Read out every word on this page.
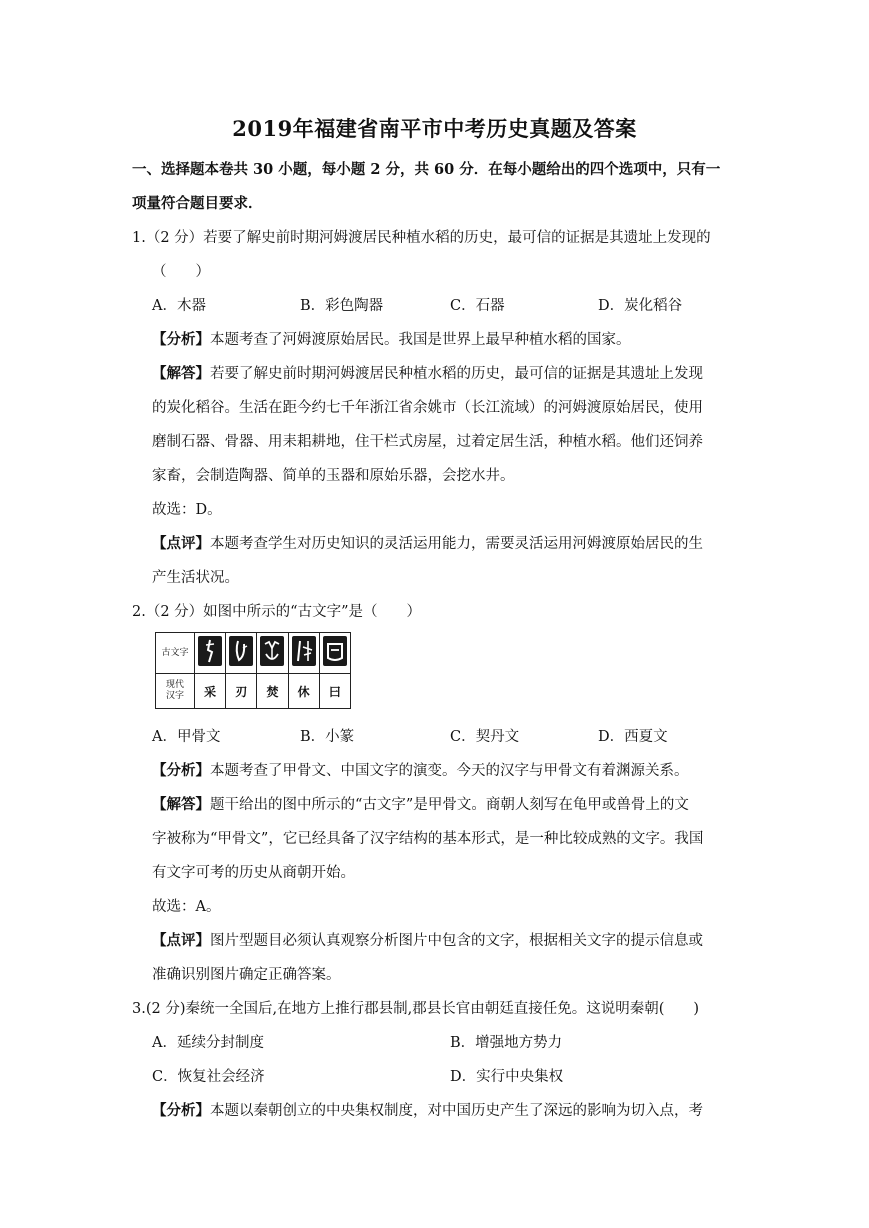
2019年福建省南平市中考历史真题及答案
一、选择题本卷共 30 小题，每小题 2 分，共 60 分．在每小题给出的四个选项中，只有一
项量符合题目要求．
1.（2 分）若要了解史前时期河姆渡居民种植水稻的历史，最可信的证据是其遗址上发现的
（　　）
A．木器	B．彩色陶器	C．石器	D．炭化稻谷
【分析】本题考查了河姆渡原始居民。我国是世界上最早种植水稻的国家。
【解答】若要了解史前时期河姆渡居民种植水稻的历史，最可信的证据是其遗址上发现
的炭化稻谷。生活在距今约七千年浙江省余姚市（长江流域）的河姆渡原始居民，使用
磨制石器、骨器、用耒耜耕地，住干栏式房屋，过着定居生活，种植水稻。他们还饲养
家畜，会制造陶器、简单的玉器和原始乐器，会挖水井。
故选：D。
【点评】本题考查学生对历史知识的灵活运用能力，需要灵活运用河姆渡原始居民的生
产生活状况。
2.（2 分）如图中所示的“古文字”是（　　）
古文字	

现代
汉字	采	刃	焚	休	曰
A．甲骨文	B．小篆	C．契丹文	D．西夏文
【分析】本题考查了甲骨文、中国文字的演变。今天的汉字与甲骨文有着渊源关系。
【解答】题干给出的图中所示的“古文字”是甲骨文。商朝人刻写在龟甲或兽骨上的文
字被称为“甲骨文”，它已经具备了汉字结构的基本形式，是一种比较成熟的文字。我国
有文字可考的历史从商朝开始。
故选：A。
【点评】图片型题目必须认真观察分析图片中包含的文字，根据相关文字的提示信息或
准确识别图片确定正确答案。
3.(2 分)秦统一全国后,在地方上推行郡县制,郡县长官由朝廷直接任免。这说明秦朝(　　)
A．延续分封制度	B．增强地方势力
C．恢复社会经济	D．实行中央集权
【分析】本题以秦朝创立的中央集权制度，对中国历史产生了深远的影响为切入点，考
